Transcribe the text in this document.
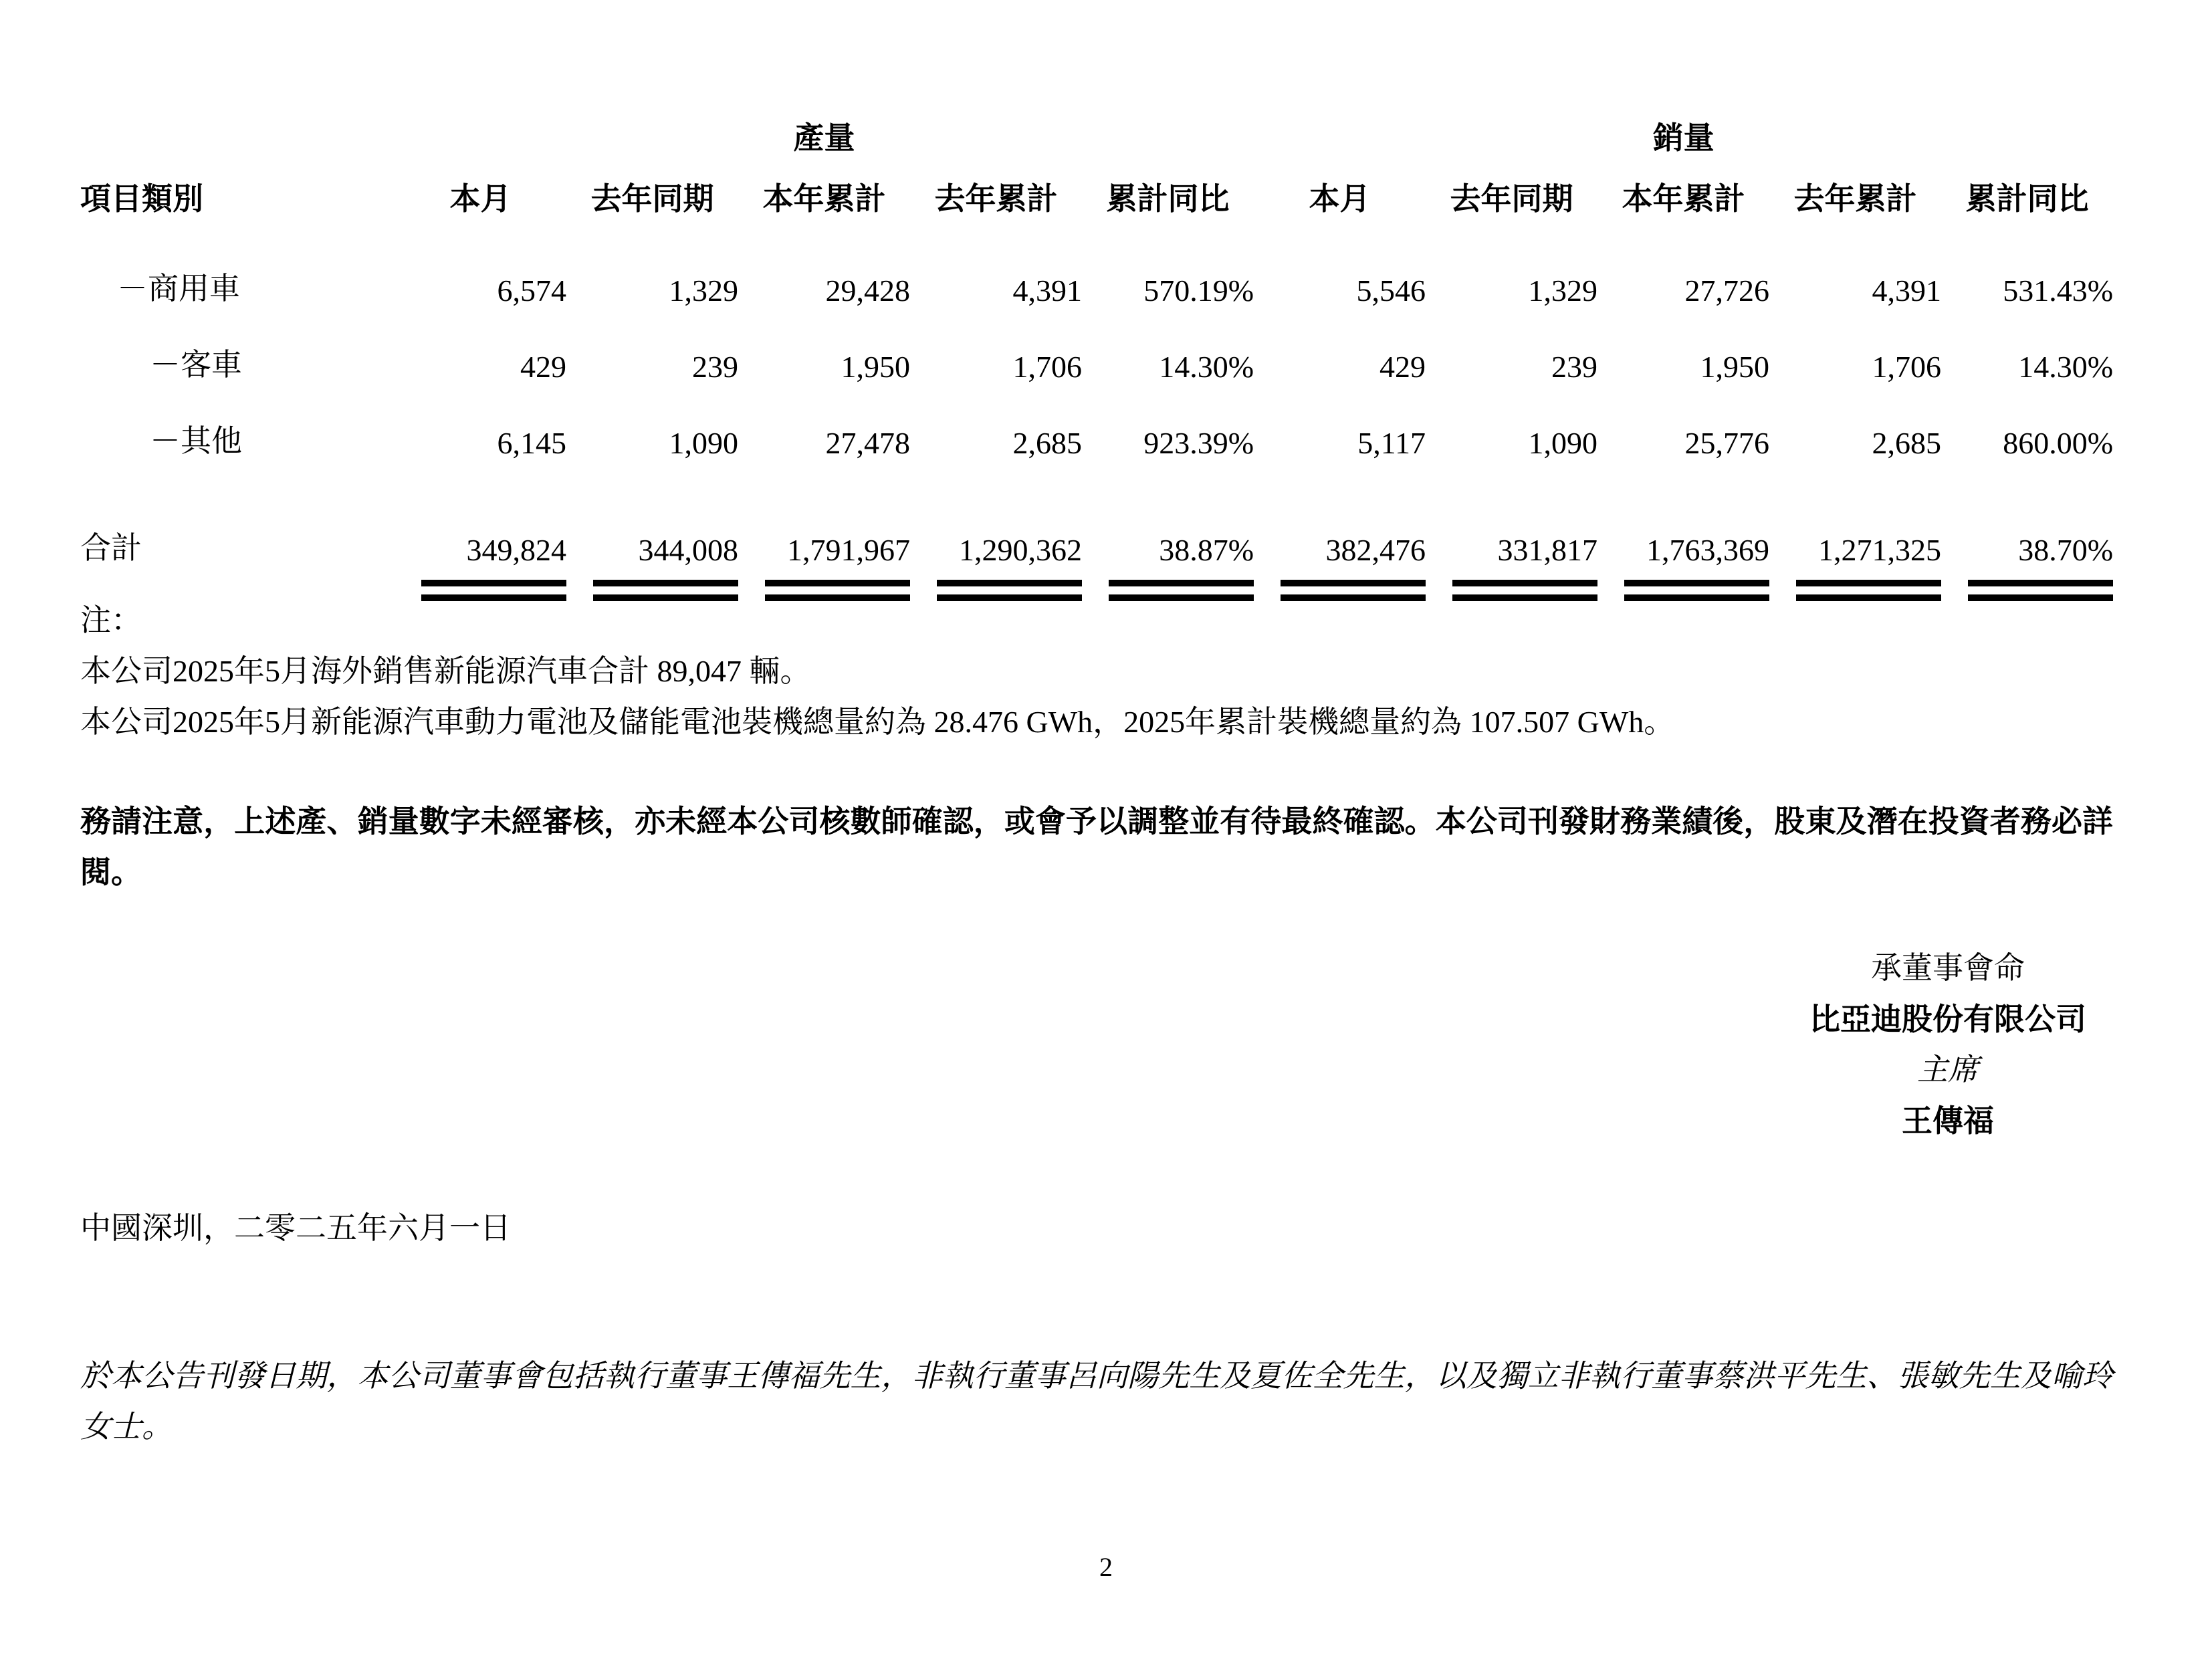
	產量					銷量				
項目類別	本月	去年同期	本年累計	去年累計	累計同比	本月	去年同期	本年累計	去年累計	累計同比
－商用車	6,574	1,329	29,428	4,391	570.19%	5,546	1,329	27,726	4,391	531.43%
－客車	429	239	1,950	1,706	14.30%	429	239	1,950	1,706	14.30%
－其他	6,145	1,090	27,478	2,685	923.39%	5,117	1,090	25,776	2,685	860.00%
合計	349,824	344,008	1,791,967	1,290,362	38.87%	382,476	331,817	1,763,369	1,271,325	38.70%
注：
本公司2025年5月海外銷售新能源汽車合計 89,047 輛。
本公司2025年5月新能源汽車動力電池及儲能電池裝機總量約為 28.476 GWh，2025年累計裝機總量約為 107.507 GWh。
務請注意，上述產、銷量數字未經審核，亦未經本公司核數師確認，或會予以調整並有待最終確認。本公司刊發財務業績後，股東及潛在投資者務必詳閱。
承董事會命
比亞迪股份有限公司
主席
王傳福
中國深圳，二零二五年六月一日
於本公告刊發日期，本公司董事會包括執行董事王傳福先生，非執行董事呂向陽先生及夏佐全先生，以及獨立非執行董事蔡洪平先生、張敏先生及喻玲女士。
2
